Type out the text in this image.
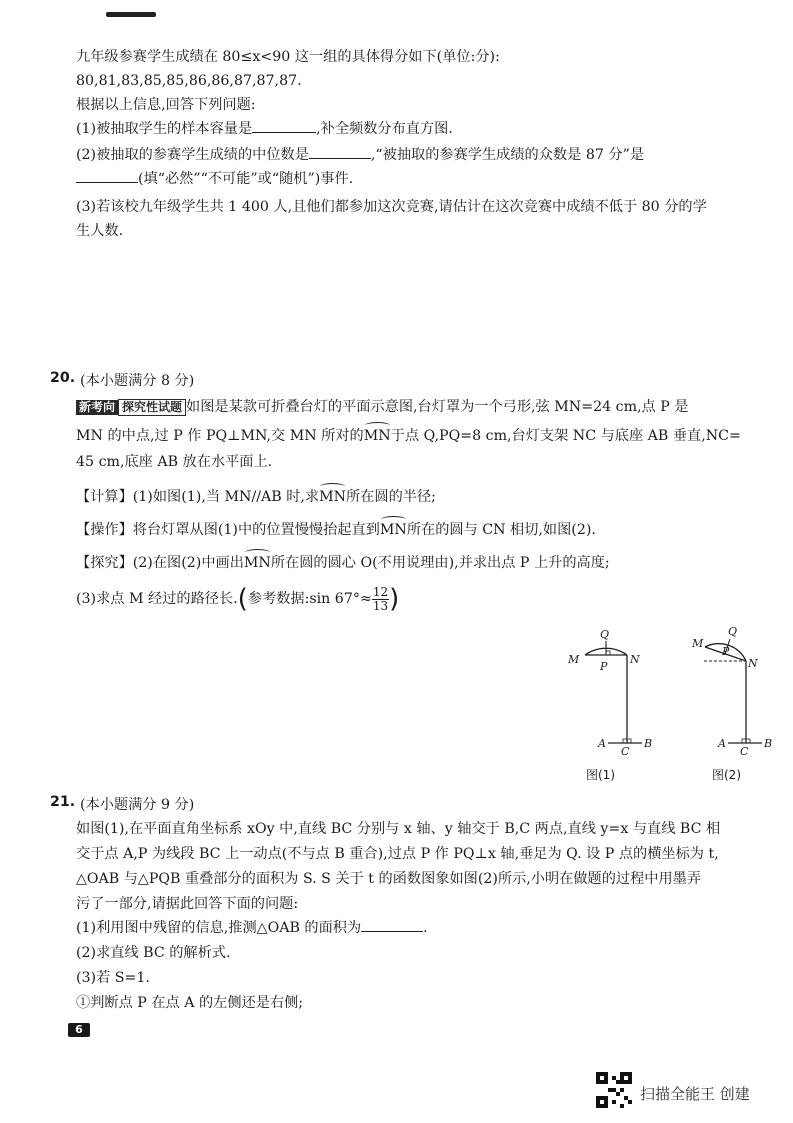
九年级参赛学生成绩在 80≤x<90 这一组的具体得分如下(单位:分):
80,81,83,85,85,86,86,87,87,87.
根据以上信息,回答下列问题:
(1)被抽取学生的样本容量是	,补全频数分布直方图.
(2)被抽取的参赛学生成绩的中位数是	,“被抽取的参赛学生成绩的众数是 87 分”是
(填“必然”“不可能”或“随机”)事件.
(3)若该校九年级学生共 1 400 人,且他们都参加这次竞赛,请估计在这次竞赛中成绩不低于 80 分的学
生人数.
20. (本小题满分 8 分)
新考向 探究性试题 如图是某款可折叠台灯的平面示意图,台灯罩为一个弓形,弦 MN=24 cm,点 P 是
MN 的中点,过 P 作 PQ⊥MN,交 MN 所对的MN于点 Q,PQ=8 cm,台灯支架 NC 与底座 AB 垂直,NC=
45 cm,底座 AB 放在水平面上.
【计算】(1)如图(1),当 MN//AB 时,求MN所在圆的半径;
【操作】将台灯罩从图(1)中的位置慢慢抬起直到MN所在的圆与 CN 相切,如图(2).
【探究】(2)在图(2)中画出MN所在圆的圆心 O(不用说理由),并求出点 P 上升的高度;
(3)求点 M 经过的路径长.(参考数据:sin $67^\circ\approx \frac{12}{13}$ )
M	N
P
Q
A	B
C
图(1)
M
N
P
Q
A	B
C
图(2)
21. (本小题满分 9 分)
如图(1),在平面直角坐标系 xOy 中,直线 BC 分别与 x 轴、y 轴交于 B,C 两点,直线 y=x 与直线 BC 相
交于点 A,P 为线段 BC 上一动点(不与点 B 重合),过点 P 作 PQ⊥x 轴,垂足为 Q. 设 P 点的横坐标为 t,
△OAB 与△PQB 重叠部分的面积为 S. S 关于 t 的函数图象如图(2)所示,小明在做题的过程中用墨弄
污了一部分,请据此回答下面的问题:
(1)利用图中残留的信息,推测△OAB 的面积为	.
(2)求直线 BC 的解析式.
(3)若 S=1.
①判断点 P 在点 A 的左侧还是右侧;
6
扫描全能王 创建
